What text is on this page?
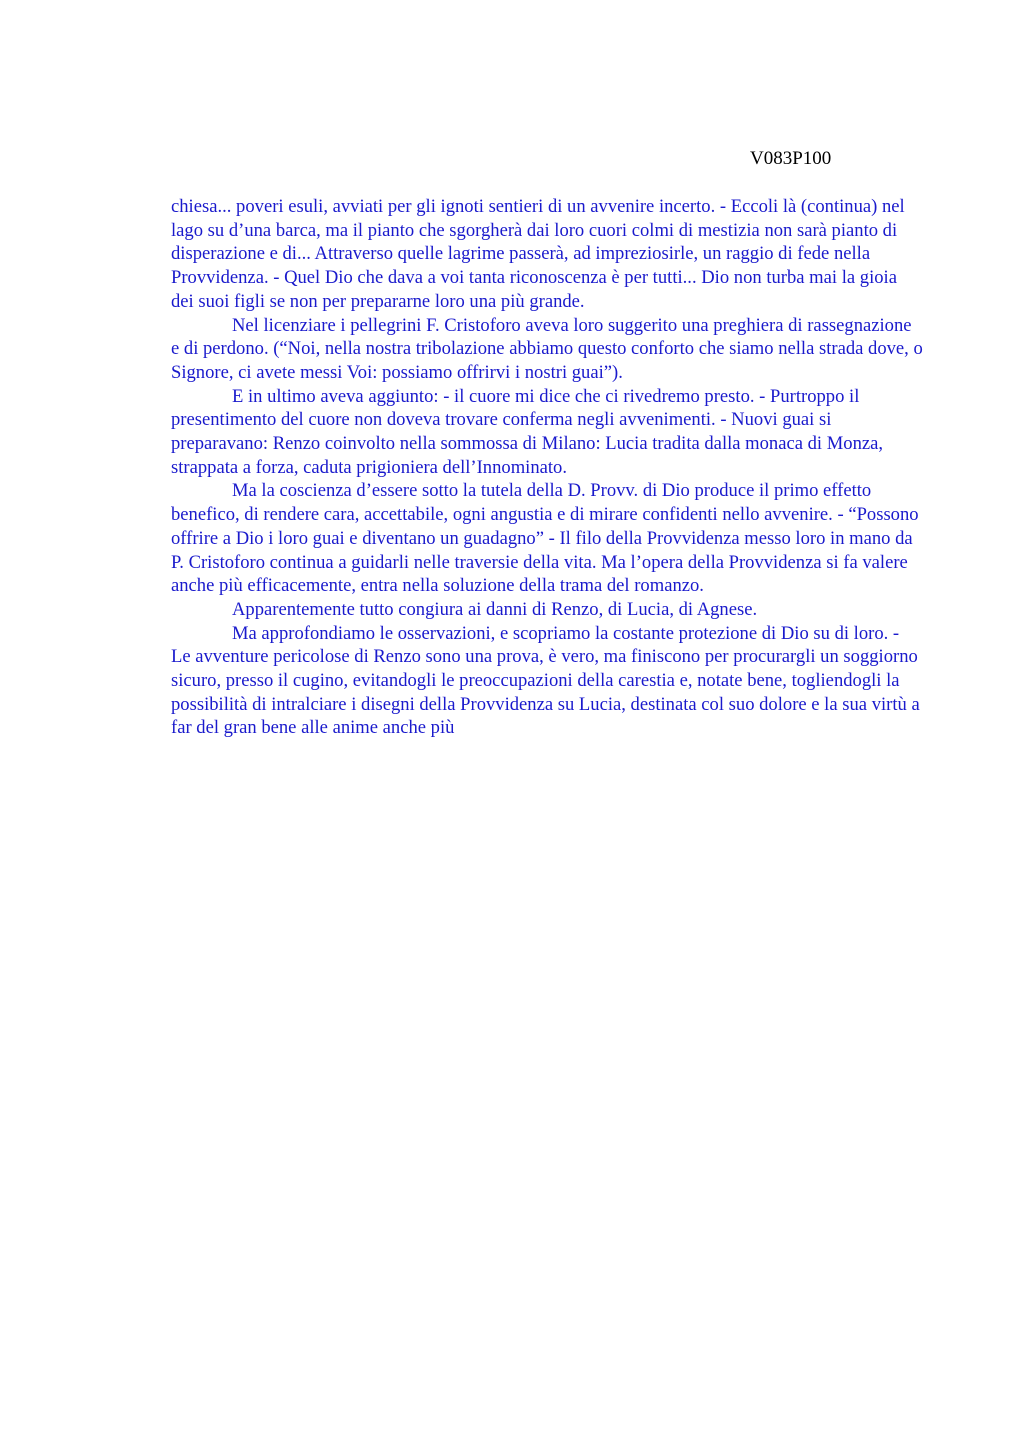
V083P100

chiesa... poveri esuli, avviati per gli ignoti sentieri di un avvenire incerto. - Eccoli là (continua) nel lago su d’una barca, ma il pianto che sgorgherà dai loro cuori colmi di mestizia non sarà pianto di disperazione e di... Attraverso quelle lagrime passerà, ad impreziosirle, un raggio di fede nella Provvidenza. - Quel Dio che dava a voi tanta riconoscenza è per tutti... Dio non turba mai la gioia dei suoi figli se non per prepararne loro una più grande.

Nel licenziare i pellegrini F. Cristoforo aveva loro suggerito una preghiera di rassegnazione e di perdono. (“Noi, nella nostra tribolazione abbiamo questo conforto che siamo nella strada dove, o Signore, ci avete messi Voi: possiamo offrirvi i nostri guai”).

E in ultimo aveva aggiunto: - il cuore mi dice che ci rivedremo presto. - Purtroppo il presentimento del cuore non doveva trovare conferma negli avvenimenti. - Nuovi guai si preparavano: Renzo coinvolto nella sommossa di Milano: Lucia tradita dalla monaca di Monza, strappata a forza, caduta prigioniera dell’Innominato.

Ma la coscienza d’essere sotto la tutela della D. Provv. di Dio produce il primo effetto benefico, di rendere cara, accettabile, ogni angustia e di mirare confidenti nello avvenire. - “Possono offrire a Dio i loro guai e diventano un guadagno” - Il filo della Provvidenza messo loro in mano da P. Cristoforo continua a guidarli nelle traversie della vita. Ma l’opera della Provvidenza si fa valere anche più efficacemente, entra nella soluzione della trama del romanzo.

Apparentemente tutto congiura ai danni di Renzo, di Lucia, di Agnese.

Ma approfondiamo le osservazioni, e scopriamo la costante protezione di Dio su di loro. - Le avventure pericolose di Renzo sono una prova, è vero, ma finiscono per procurargli un soggiorno sicuro, presso il cugino, evitandogli le preoccupazioni della carestia e, notate bene, togliendogli la possibilità di intralciare i disegni della Provvidenza su Lucia, destinata col suo dolore e la sua virtù a far del gran bene alle anime anche più
